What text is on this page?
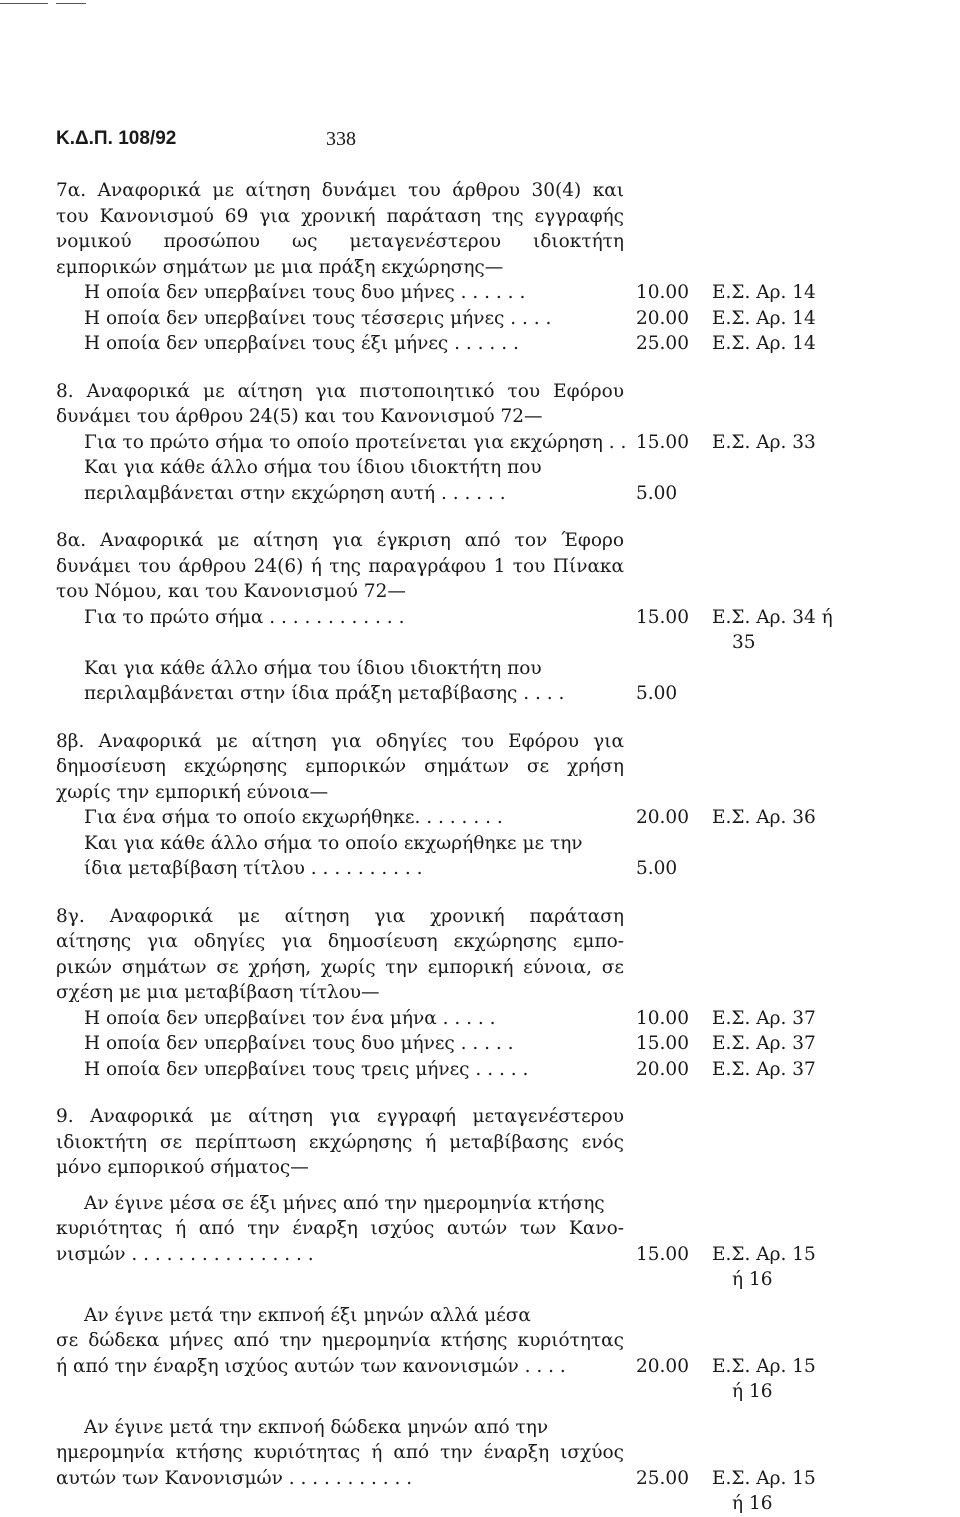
Κ.Δ.Π. 108/92	338
7α. Αναφορικά με αίτηση δυνάμει του άρθρου 30(4) και
του Κανονισμού 69 για χρονική παράταση της εγγραφής
νομικού προσώπου ως μεταγενέστερου ιδιοκτήτη
εμπορικών σημάτων με μια πράξη εκχώρησης—
Η οποία δεν υπερβαίνει τους δυο μήνες . . . . . .	10.00 Ε.Σ. Αρ. 14
Η οποία δεν υπερβαίνει τους τέσσερις μήνες . . . .	20.00 Ε.Σ. Αρ. 14
Η οποία δεν υπερβαίνει τους έξι μήνες . . . . . .	25.00 Ε.Σ. Αρ. 14
8. Αναφορικά με αίτηση για πιστοποιητικό του Εφόρου
δυνάμει του άρθρου 24(5) και του Κανονισμού 72—
Για το πρώτο σήμα το οποίο προτείνεται για εκχώρηση . . 15.00 Ε.Σ. Αρ. 33
Και για κάθε άλλο σήμα του ίδιου ιδιοκτήτη που
περιλαμβάνεται στην εκχώρηση αυτή . . . . . .	5.00
8α. Αναφορικά με αίτηση για έγκριση από τον Έφορο
δυνάμει του άρθρου 24(6) ή της παραγράφου 1 του Πίνακα
του Νόμου, και του Κανονισμού 72—
Για το πρώτο σήμα . . . . . . . . . . . .	15.00 Ε.Σ. Αρ. 34 ή
35
Και για κάθε άλλο σήμα του ίδιου ιδιοκτήτη που
περιλαμβάνεται στην ίδια πράξη μεταβίβασης . . . .	5.00
8β. Αναφορικά με αίτηση για οδηγίες του Εφόρου για
δημοσίευση εκχώρησης εμπορικών σημάτων σε χρήση
χωρίς την εμπορική εύνοια—
Για ένα σήμα το οποίο εκχωρήθηκε. . . . . . . .	20.00 Ε.Σ. Αρ. 36
Και για κάθε άλλο σήμα το οποίο εκχωρήθηκε με την
ίδια μεταβίβαση τίτλου . . . . . . . . . .	5.00
8γ. Αναφορικά με αίτηση για χρονική παράταση
αίτησης για οδηγίες για δημοσίευση εκχώρησης εμπο-
ρικών σημάτων σε χρήση, χωρίς την εμπορική εύνοια, σε
σχέση με μια μεταβίβαση τίτλου—
Η οποία δεν υπερβαίνει τον ένα μήνα . . . . .	10.00 Ε.Σ. Αρ. 37
Η οποία δεν υπερβαίνει τους δυο μήνες . . . . .	15.00 Ε.Σ. Αρ. 37
Η οποία δεν υπερβαίνει τους τρεις μήνες . . . . .	20.00 Ε.Σ. Αρ. 37
9. Αναφορικά με αίτηση για εγγραφή μεταγενέστερου
ιδιοκτήτη σε περίπτωση εκχώρησης ή μεταβίβασης ενός
μόνο εμπορικού σήματος—
Αν έγινε μέσα σε έξι μήνες από την ημερομηνία κτήσης
κυριότητας ή από την έναρξη ισχύος αυτών των Κανο-
νισμών . . . . . . . . . . . . . . . .	15.00 Ε.Σ. Αρ. 15
ή 16
Αν έγινε μετά την εκπνοή έξι μηνών αλλά μέσα
σε δώδεκα μήνες από την ημερομηνία κτήσης κυριότητας
ή από την έναρξη ισχύος αυτών των κανονισμών . . . .	20.00 Ε.Σ. Αρ. 15
ή 16
Αν έγινε μετά την εκπνοή δώδεκα μηνών από την
ημερομηνία κτήσης κυριότητας ή από την έναρξη ισχύος
αυτών των Κανονισμών . . . . . . . . . . .	25.00 Ε.Σ. Αρ. 15
ή 16
